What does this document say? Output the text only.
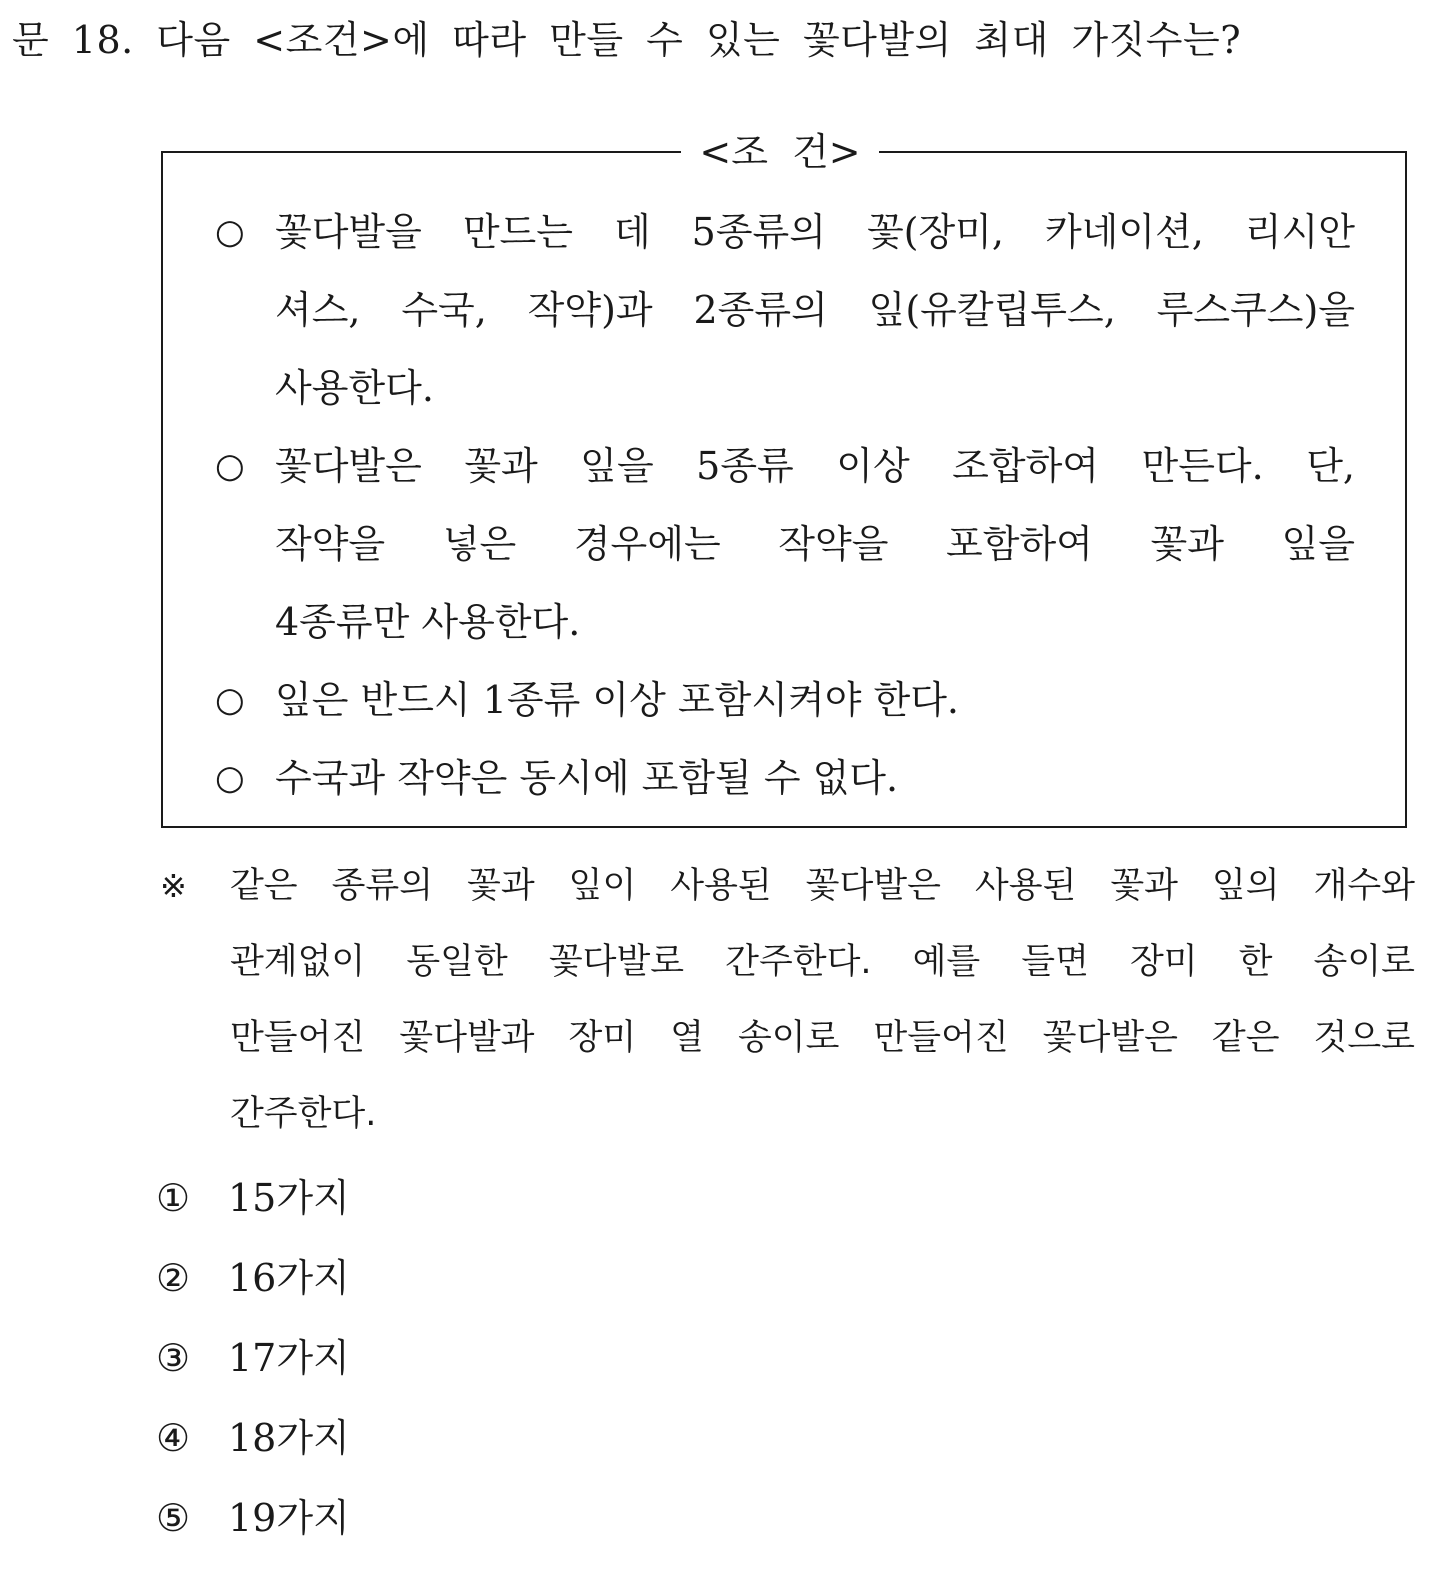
문 18. 다음 <조건>에 따라 만들 수 있는 꽃다발의 최대 가짓수는?
<조  건>
○ 꽃다발을 만드는 데 5종류의 꽃(장미, 카네이션, 리시안
셔스, 수국, 작약)과 2종류의 잎(유칼립투스, 루스쿠스)을
사용한다.
○ 꽃다발은 꽃과 잎을 5종류 이상 조합하여 만든다. 단,
작약을 넣은 경우에는 작약을 포함하여 꽃과 잎을
4종류만 사용한다.
○ 잎은 반드시 1종류 이상 포함시켜야 한다.
○ 수국과 작약은 동시에 포함될 수 없다.
※ 같은 종류의 꽃과 잎이 사용된 꽃다발은 사용된 꽃과 잎의 개수와
관계없이 동일한 꽃다발로 간주한다. 예를 들면 장미 한 송이로
만들어진 꽃다발과 장미 열 송이로 만들어진 꽃다발은 같은 것으로
간주한다.
① 15가지
② 16가지
③ 17가지
④ 18가지
⑤ 19가지
